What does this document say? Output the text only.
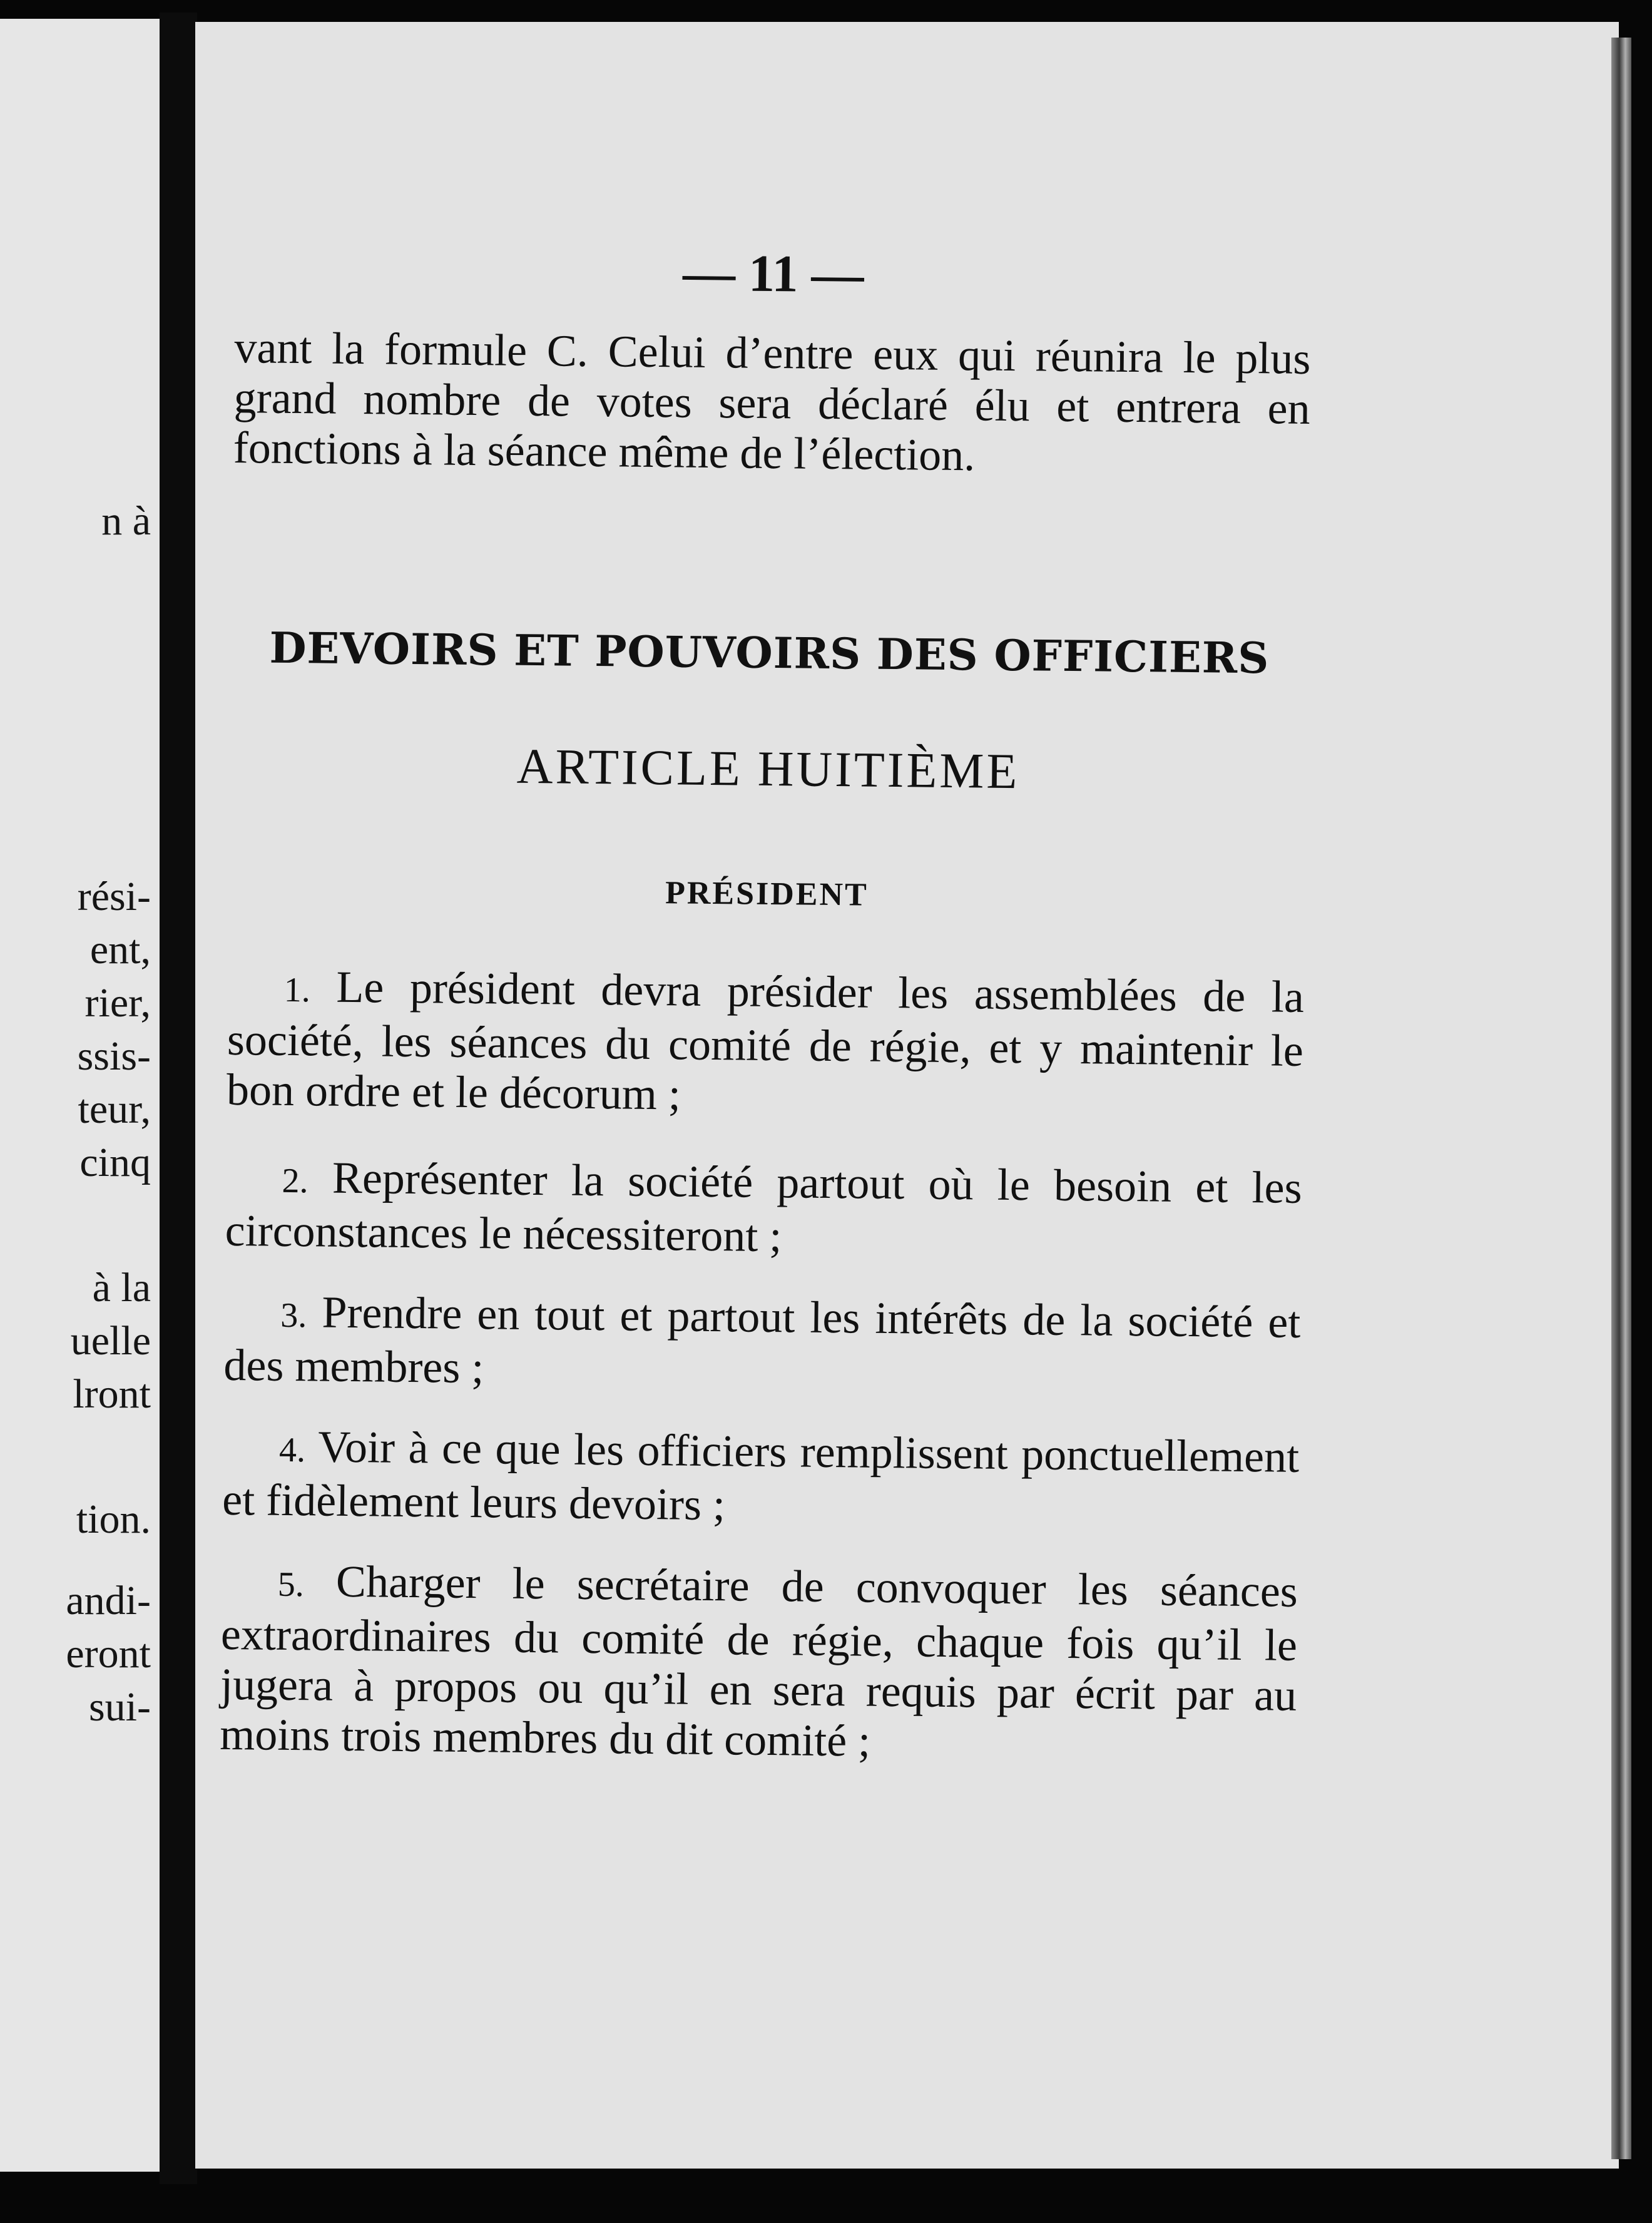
n à
rési-
ent,
rier,
ssis-
teur,
cinq
à la
uelle
lront
tion.
andi-
eront
sui-
— 11 —
vant la formule C. Celui d’entre eux qui réunira le plus grand nombre de votes sera déclaré élu et entrera en fonctions à la séance même de l’élection.
DEVOIRS ET POUVOIRS DES OFFICIERS
ARTICLE HUITIÈME
PRÉSIDENT
1. Le président devra présider les assemblées de la société, les séances du comité de régie, et y maintenir le bon ordre et le décorum ;
2. Représenter la société partout où le besoin et les circonstances le nécessiteront ;
3. Prendre en tout et partout les intérêts de la société et des membres ;
4. Voir à ce que les officiers remplissent ponctuellement et fidèlement leurs devoirs ;
5. Charger le secrétaire de convoquer les séances extraordinaires du comité de régie, chaque fois qu’il le jugera à propos ou qu’il en sera requis par écrit par au moins trois membres du dit comité ;
